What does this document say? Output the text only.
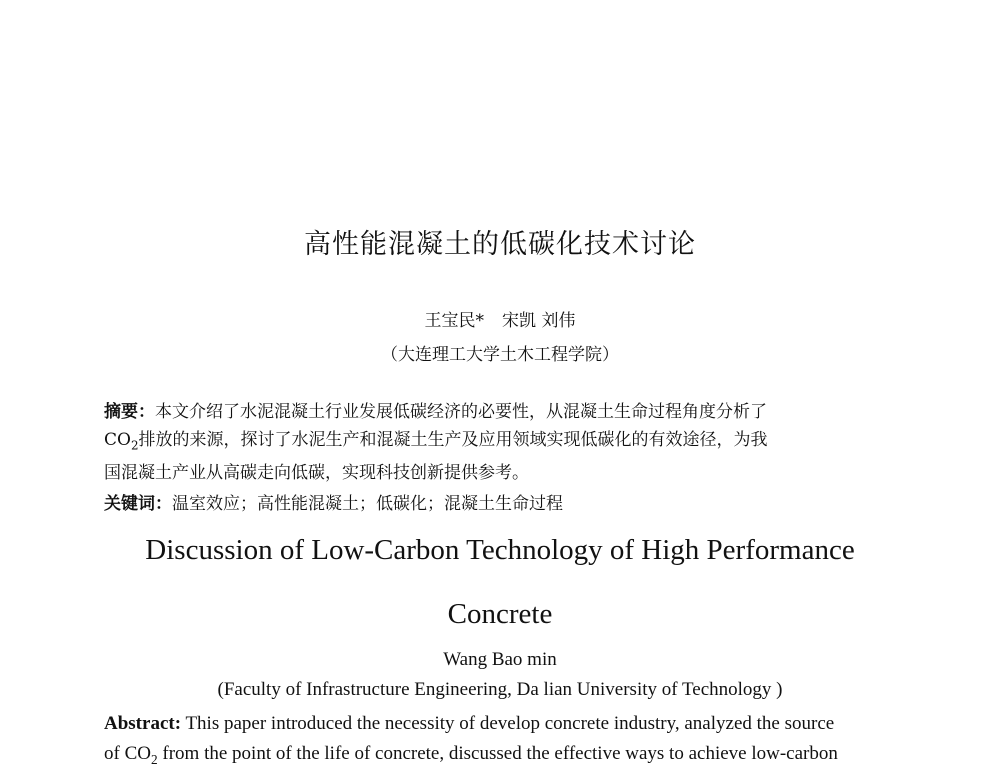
高性能混凝土的低碳化技术讨论
王宝民* 宋凯 刘伟
（大连理工大学土木工程学院）
摘要：本文介绍了水泥混凝土行业发展低碳经济的必要性，从混凝土生命过程角度分析了
$CO_2$排放的来源，探讨了水泥生产和混凝土生产及应用领域实现低碳化的有效途径，为我
国混凝土产业从高碳走向低碳，实现科技创新提供参考。
关键词：温室效应；高性能混凝土；低碳化；混凝土生命过程
Discussion of Low-Carbon Technology of High Performance
Concrete
Wang Bao min
(Faculty of Infrastructure Engineering, Da lian University of Technology )
Abstract: This paper introduced the necessity of develop concrete industry, analyzed the source
of $CO_2$ from the point of the life of concrete, discussed the effective ways to achieve low-carbon
